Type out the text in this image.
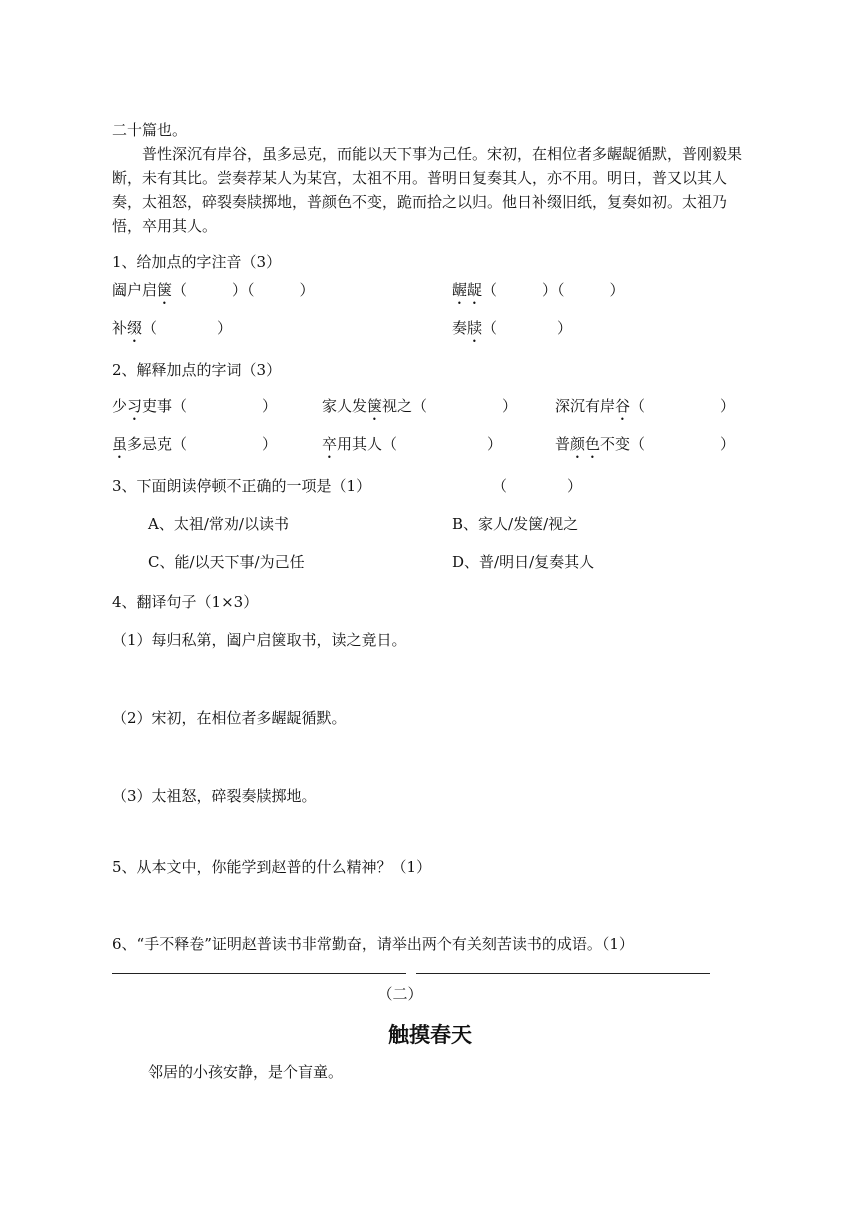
二十篇也。

普性深沉有岸谷，虽多忌克，而能以天下事为己任。宋初，在相位者多龌龊循默，普刚毅果断，未有其比。尝奏荐某人为某宫，太祖不用。普明日复奏其人，亦不用。明日，普又以其人奏，太祖怒，碎裂奏牍掷地，普颜色不变，跪而拾之以归。他日补缀旧纸，复奏如初。太祖乃悟，卒用其人。

1、给加点的字注音（3）
阖户启箧（　　　）（　　　）	龌龊（　　　）（　　　）
补缀（　　　　）	奏牍（　　　　）
2、解释加点的字词（3）
少习吏事（　　　　　）	家人发箧视之（　　　　　）	深沉有岸谷（　　　　　）
虽多忌克（　　　　　）	卒用其人（　　　　　　）	普颜色不变（　　　　　）
3、下面朗读停顿不正确的一项是（1）	（　　　　）
A、太祖/常劝/以读书	B、家人/发箧/视之
C、能/以天下事/为己任	D、普/明日/复奏其人
4、翻译句子（1×3）
（1）每归私第，阖户启箧取书，读之竟日。
（2）宋初，在相位者多龌龊循默。
（3）太祖怒，碎裂奏牍掷地。
5、从本文中，你能学到赵普的什么精神？（1）
6、“手不释卷”证明赵普读书非常勤奋，请举出两个有关刻苦读书的成语。（1）
（二）
触摸春天
邻居的小孩安静，是个盲童。
